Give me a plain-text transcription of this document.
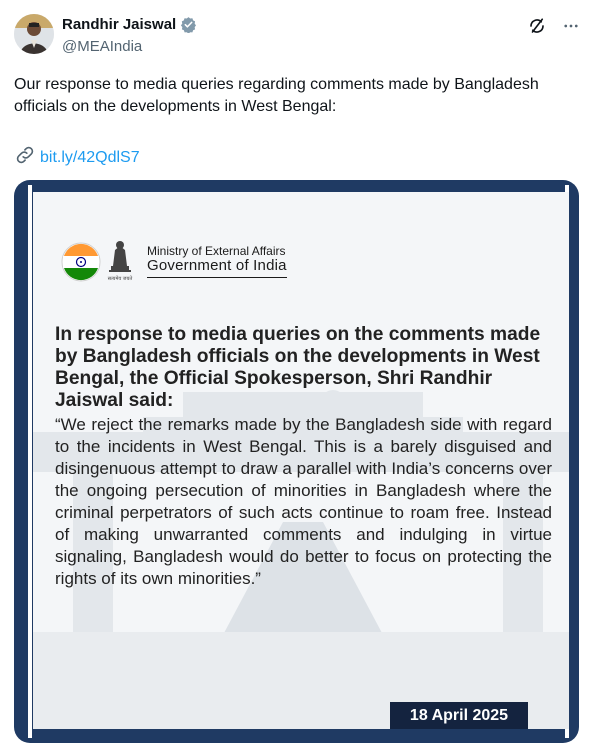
Randhir Jaiswal
@MEAIndia
Our response to media queries regarding comments made by Bangladesh officials on the developments in West Bengal:
bit.ly/42QdlS7
सत्यमेव जयते
Ministry of External Affairs
Government of India
In response to media queries on the comments made by Bangladesh officials on the developments in West Bengal, the Official Spokesperson, Shri Randhir Jaiswal said:
“We reject the remarks made by the Bangladesh side with regard to the incidents in West Bengal. This is a barely disguised and disingenuous attempt to draw a parallel with India’s concerns over the ongoing persecution of minorities in Bangladesh where the criminal perpetrators of such acts continue to roam free. Instead of making unwarranted comments and indulging in virtue signaling, Bangladesh would do better to focus on protecting the rights of its own minorities.”
18 April 2025
